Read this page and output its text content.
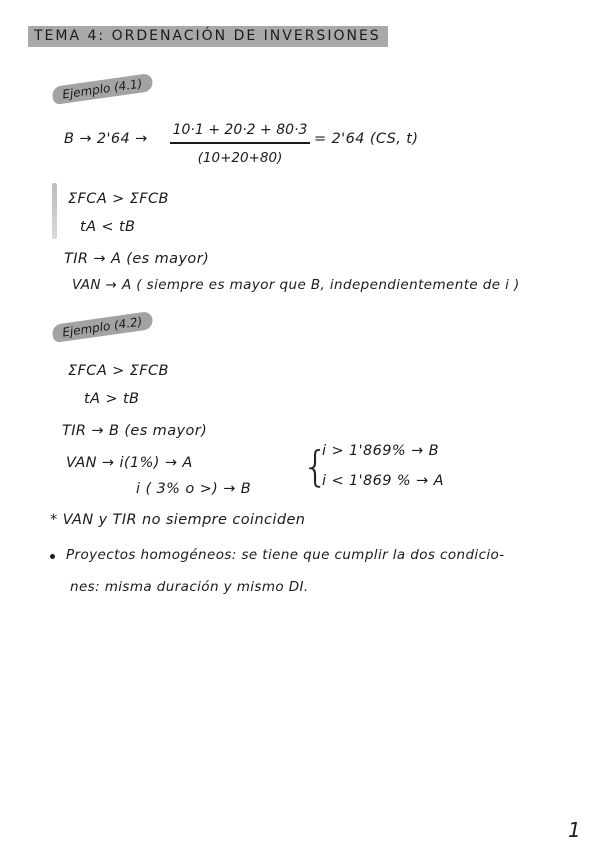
TEMA 4: ORDENACIÓN DE INVERSIONES
Ejemplo (4.1)
B → 2'64 →
10·1 + 20·2 + 80·3
(10+20+80)
= 2'64 (CS, t)
ΣFCA > ΣFCB
tA < tB
TIR → A (es mayor)
VAN → A ( siempre es mayor que B, independientemente de i )
Ejemplo (4.2)
ΣFCA > ΣFCB
tA > tB
TIR → B (es mayor)
VAN → i(1%) → A
i ( 3% o >) → B {
i > 1'869% → B
i < 1'869 % → A
* VAN y TIR no siempre coinciden
Proyectos homogéneos: se tiene que cumplir la dos condicio-
nes: misma duración y mismo DI.
1
